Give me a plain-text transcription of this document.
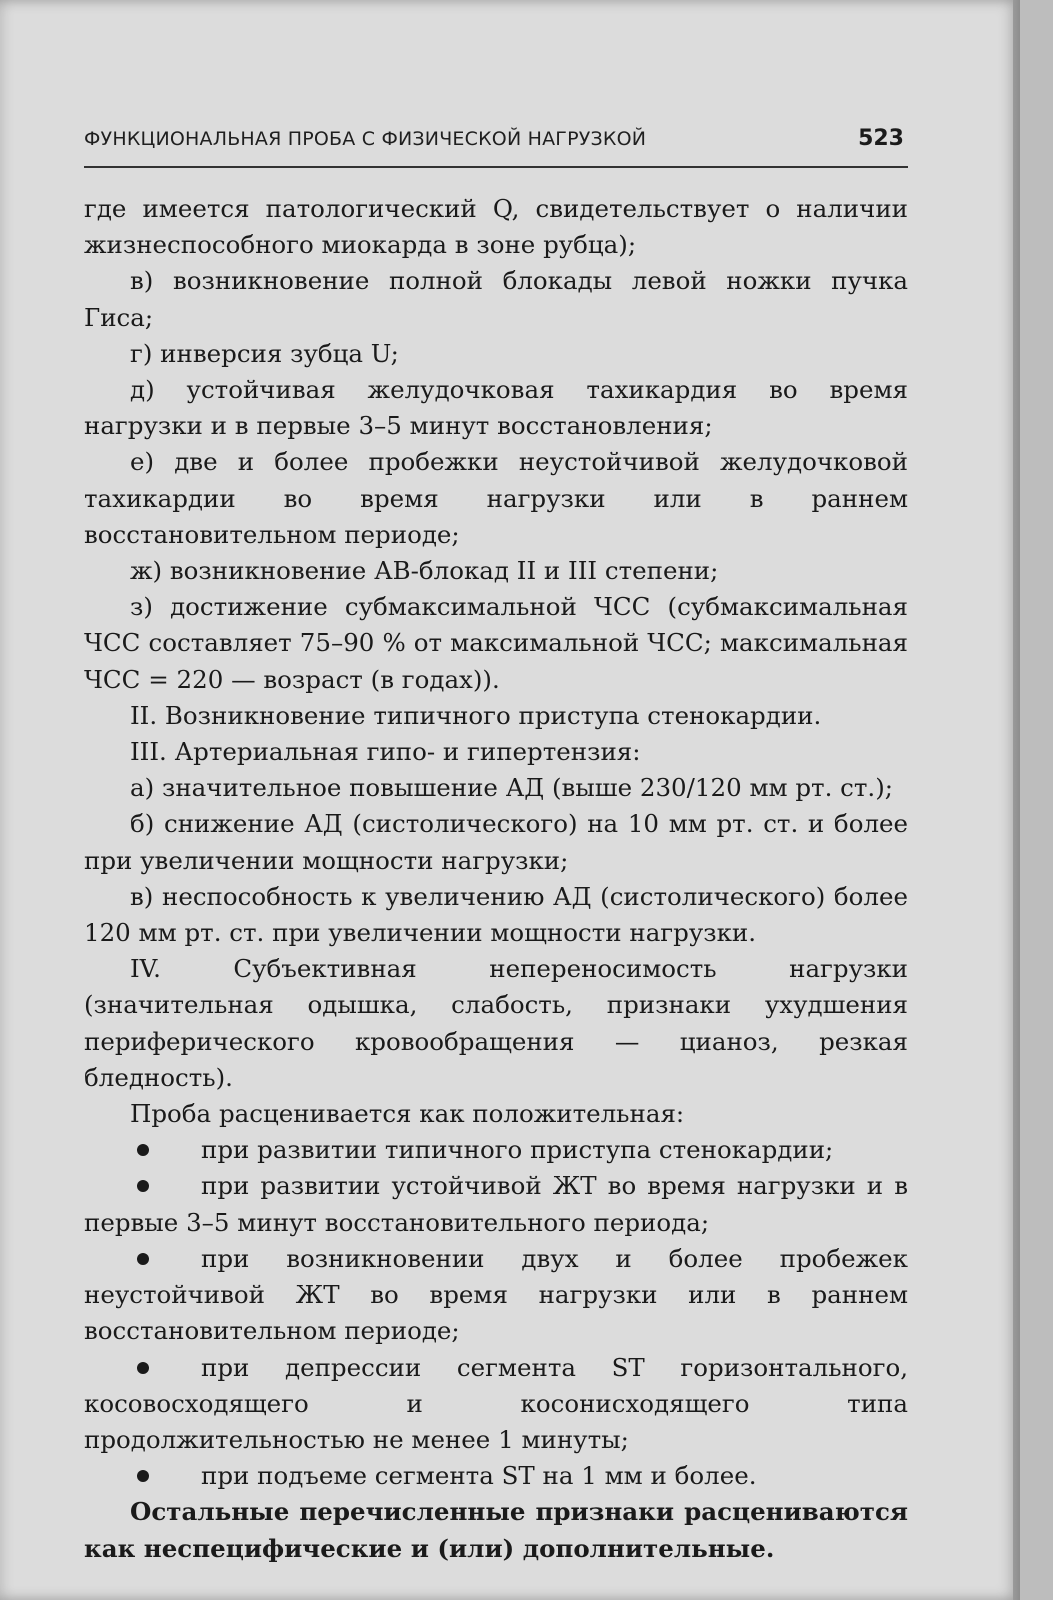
ФУНКЦИОНАЛЬНАЯ ПРОБА С ФИЗИЧЕСКОЙ НАГРУЗКОЙ	523

где имеется патологический Q, свидетельствует о наличии жизнеспособного миокарда в зоне рубца);

в) возникновение полной блокады левой ножки пучка Гиса;

г) инверсия зубца U;

д) устойчивая желудочковая тахикардия во время нагрузки и в первые 3–5 минут восстановления;

е) две и более пробежки неустойчивой желудочковой тахикардии во время нагрузки или в раннем восстановительном периоде;

ж) возникновение АВ-блокад II и III степени;

з) достижение субмаксимальной ЧСС (субмаксимальная ЧСС составляет 75–90 % от максимальной ЧСС; максимальная ЧСС = 220 — возраст (в годах)).

II. Возникновение типичного приступа стенокардии.

III. Артериальная гипо- и гипертензия:

а) значительное повышение АД (выше 230/120 мм рт. ст.);

б) снижение АД (систолического) на 10 мм рт. ст. и более при увеличении мощности нагрузки;

в) неспособность к увеличению АД (систолического) более 120 мм рт. ст. при увеличении мощности нагрузки.

IV. Субъективная непереносимость нагрузки (значительная одышка, слабость, признаки ухудшения периферического кровообращения — цианоз, резкая бледность).

Проба расценивается как положительная:

при развитии типичного приступа стенокардии;

при развитии устойчивой ЖТ во время нагрузки и в первые 3–5 минут восстановительного периода;

при возникновении двух и более пробежек неустойчивой ЖТ во время нагрузки или в раннем восстановительном периоде;

при депрессии сегмента ST горизонтального, косовосходящего и косонисходящего типа продолжительностью не менее 1 минуты;

при подъеме сегмента ST на 1 мм и более.

Остальные перечисленные признаки расцениваются как неспецифические и (или) дополнительные.
